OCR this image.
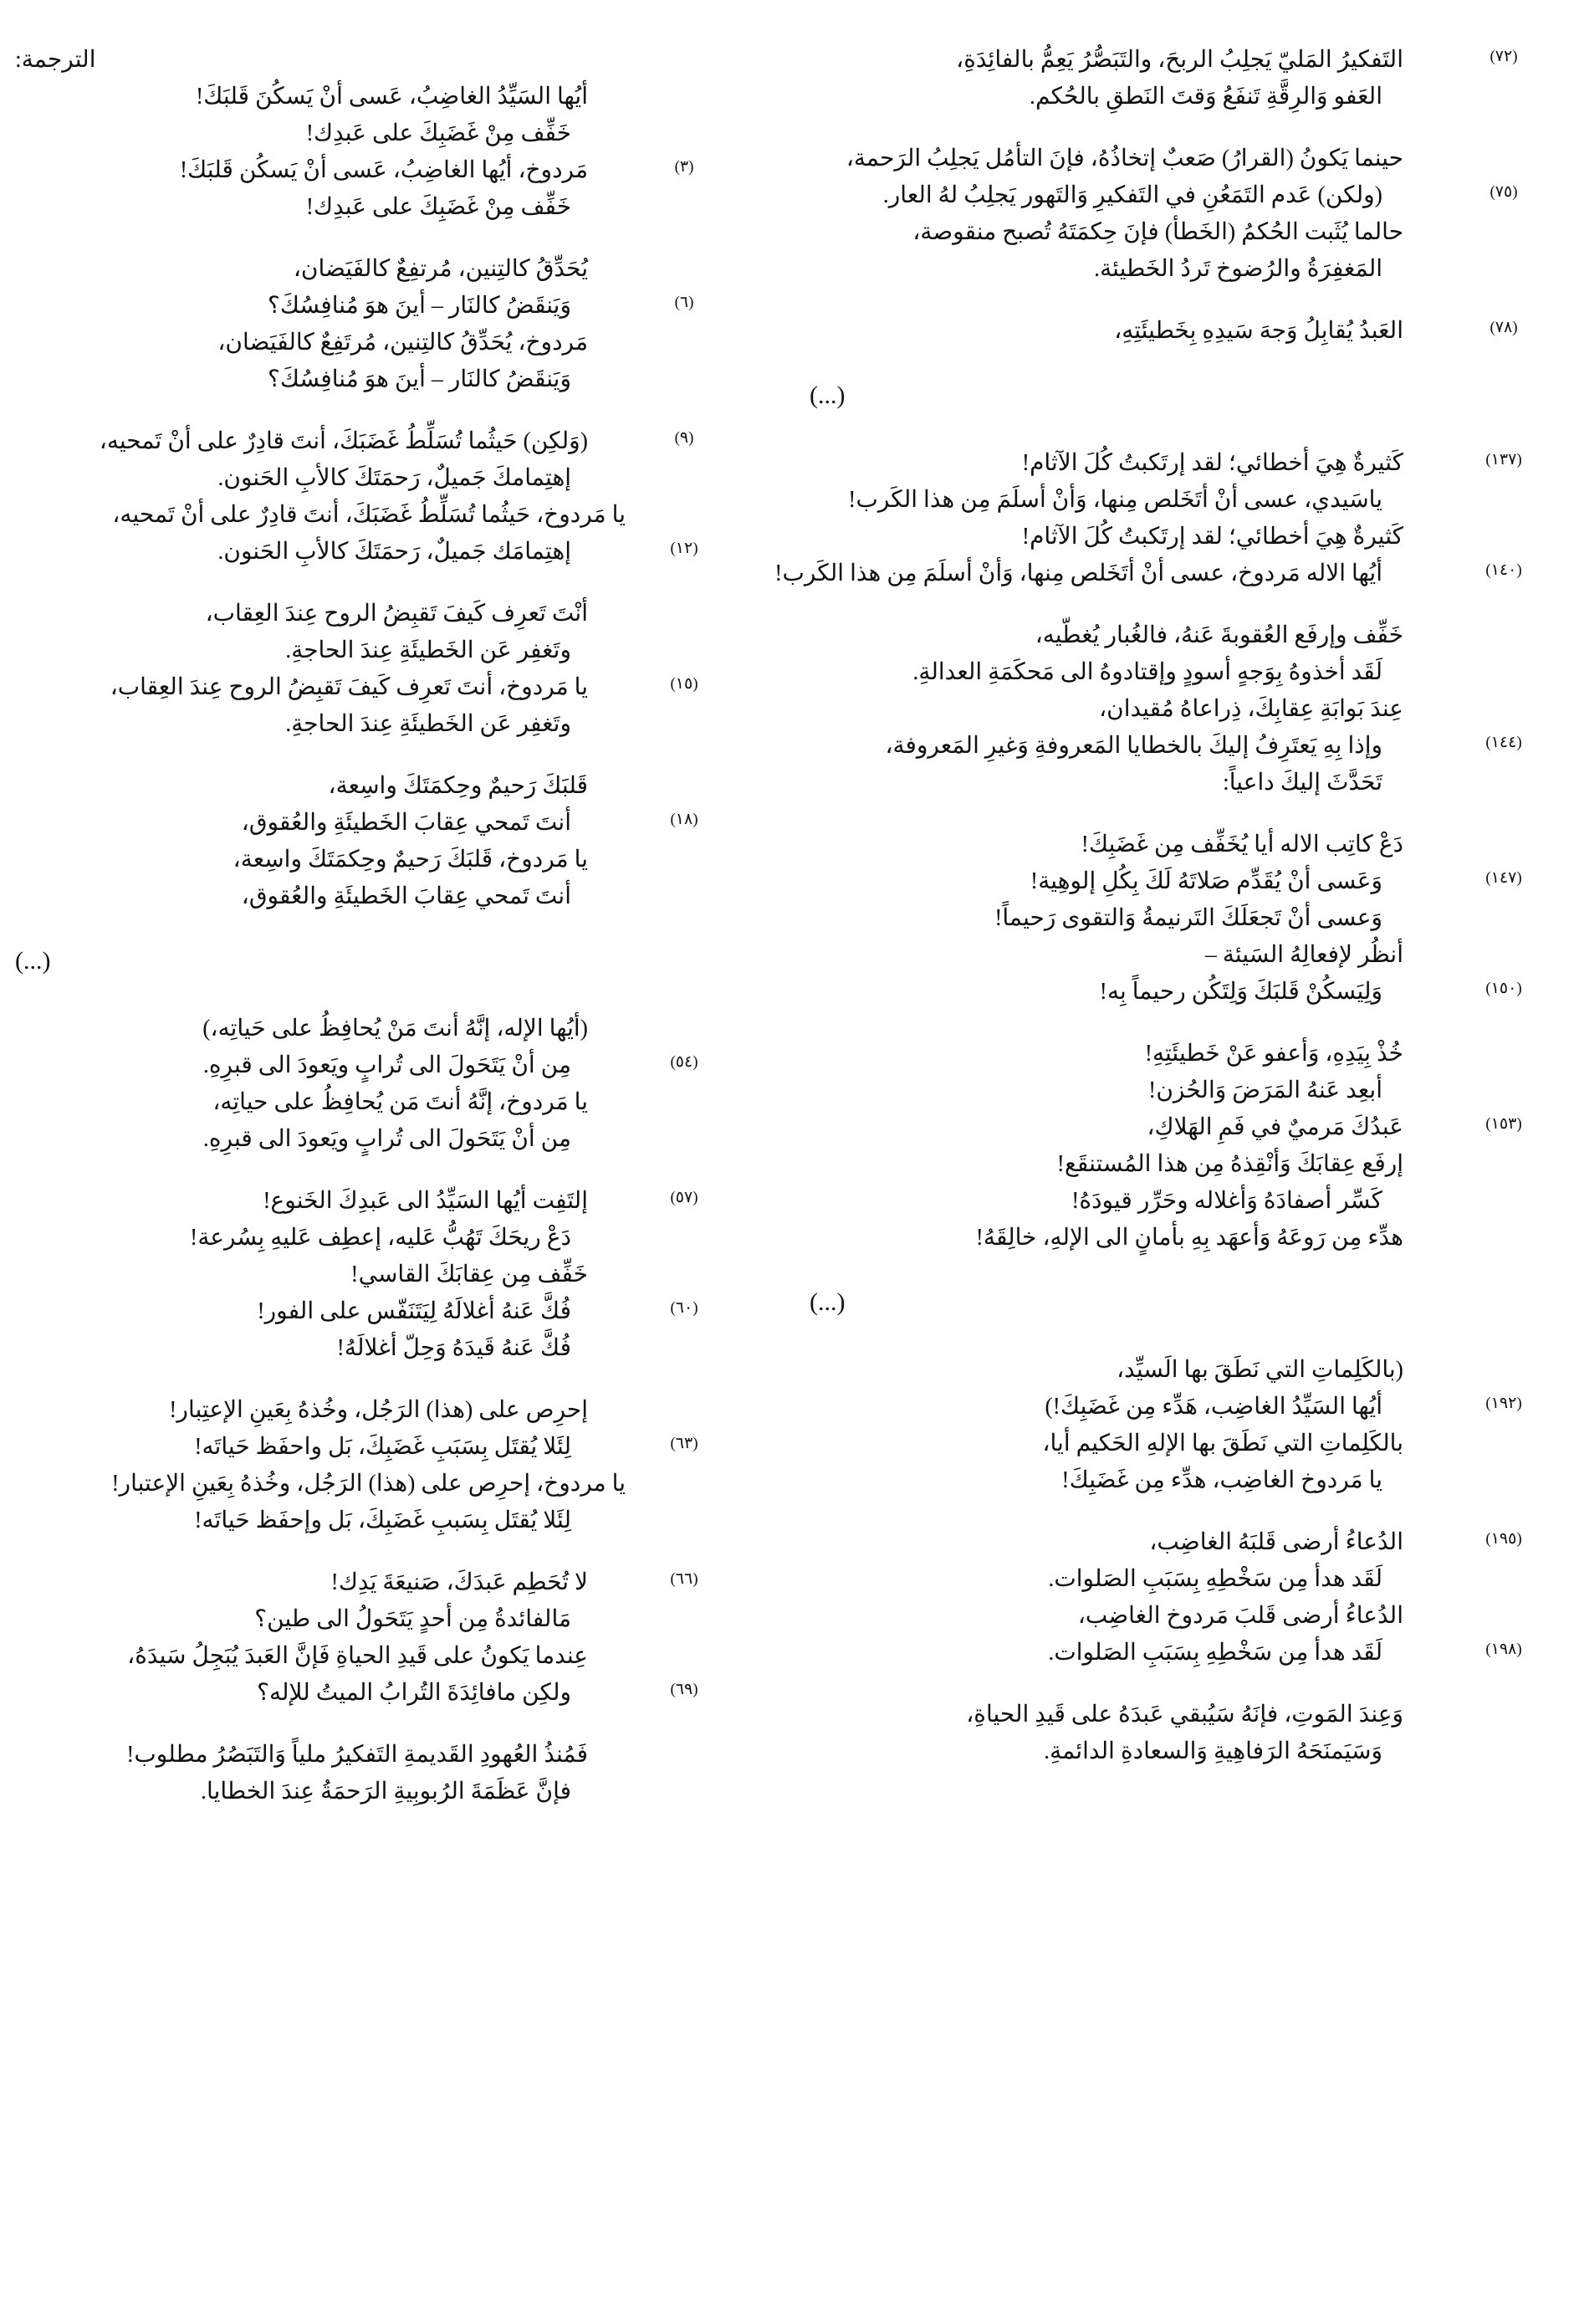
(٧٢)
التَفكيرُ المَليّ يَجلِبُ الربحَ، والتَبَصُّرُ يَعِمُّ بالفائِدَةِ،
العَفو وَالرِقَّةِ تَنفَعُ وَقتَ النَطقِ بالحُكم.
حينما يَكونُ (القرارُ) صَعبٌ إتخاذُهُ، فإنَ التأمُل يَجلِبُ الرَحمة،
(٧٥)
(ولكن) عَدم التَمَعُنِ في التَفكيرِ وَالتَهور يَجلِبُ لهُ العار.
حالما يُثَبت الحُكمُ (الخَطأ) فإنَ حِكمَتَهُ تُصبح منقوصة،
المَغفِرَةُ والرُضوخ تَردُ الخَطيئة.
(٧٨)
العَبدُ يُقابِلُ وَجهَ سَيدِهِ بِخَطيئَتِهِ،
(...)
(١٣٧)
كَثيرةٌ هِيَ أخطائي؛ لقد إرتَكبتُ كُلَ الآثام!
ياسَيدي، عسى أنْ أتَخَلص مِنها، وَأنْ أسلَمَ مِن هذا الكَرب!
كَثيرةٌ هِيَ أخطائي؛ لقد إرتَكبتُ كُلَ الآثام!
(١٤٠)
أيُها الاله مَردوخ، عسى أنْ أتَخَلص مِنها، وَأنْ أسلَمَ مِن هذا الكَرب!
خَفِّف وإرفَع العُقوبةَ عَنهُ، فالغُبار يُغطّيه،
لَقَد أخذوهُ بِوَجهٍ أسودٍ وإقتادوهُ الى مَحكَمَةِ العدالةِ.
عِندَ بَوابَةِ عِقابِكَ، ذِراعاهُ مُقيدان،
(١٤٤)
وإذا بِهِ يَعتَرِفُ إليكَ بالخطايا المَعروفةِ وَغيرِ المَعروفة،
تَحَدَّثَ إليكَ داعياً:
دَعْ كاتِب الاله أيا يُخَفِّف مِن غَضَبِكَ!
(١٤٧)
وَعَسى أنْ يُقَدِّم صَلاتَهُ لَكَ بِكُلِ إلوهِية!
وَعسى أنْ تَجعَلَكَ التَرنيمةُ وَالتقوى رَحيماً!
أنظُر لإفعالِهُ السَيئة –
(١٥٠)
وَلِيَسكُنْ قَلبَكَ وَلِتَكُن رحيماً بِه!
خُذْ بِيَدِهِ، وَأعفو عَنْ خَطيئَتِهِ!
أبعِد عَنهُ المَرَضَ وَالحُزن!
(١٥٣)
عَبدُكَ مَرميٌ في فَمِ الهَلاكِ،
إرفَع عِقابَكَ وَأنْقِذهُ مِن هذا المُستنقَع!
كَسِّر أصفادَهُ وَأغلاله وحَرِّر قيودَهُ!
هدِّء مِن رَوعَهُ وَأعهَد بِهِ بأمانٍ الى الإلهِ، خالِقَهُ!
(...)
(بالكَلِماتِ التي نَطَقَ بها الَسيِّد،
(١٩٢)
أيُها السَيِّدُ الغاضِب، هَدِّء مِن غَضَبِكَ!)
بالكَلِماتِ التي نَطَقَ بها الإلهِ الحَكيم أيا،
يا مَردوخ الغاضِب، هدِّء مِن غَضَبِكَ!
(١٩٥)
الدُعاءُ أرضى قَلبَهُ الغاضِب،
لَقَد هدأ مِن سَخْطِهِ بِسَبَبِ الصَلوات.
الدُعاءُ أرضى قَلبَ مَردوخ الغاضِب،
(١٩٨)
لَقَد هدأ مِن سَخْطِهِ بِسَبَبِ الصَلوات.
وَعِندَ المَوتِ، فإنَهُ سَيُبقي عَبدَهُ على قَيدِ الحياةِ،
وَسَيَمنَحَهُ الرَفاهِيةِ وَالسعادةِ الدائمةِ.
الترجمة:
أيُها السَيِّدُ الغاضِبُ، عَسى أنْ يَسكُنَ قَلبَكَ!
خَفِّف مِنْ غَضَبِكَ على عَبدِك!
(٣)
مَردوخ، أيُها الغاضِبُ، عَسى أنْ يَسكُن قَلبَكَ!
خَفِّف مِنْ غَضَبِكَ على عَبدِك!
يُحَدِّقُ كالتِنين، مُرتفِعٌ كالفَيَضان،
(٦)
وَيَنقَضُ كالنَار – أينَ هوَ مُنافِسُكَ؟
مَردوخ، يُحَدِّقُ كالتِنين، مُرتَفِعٌ كالفَيَضان،
وَيَنقَضُ كالنَار – أينَ هوَ مُنافِسُكَ؟
(٩)
(وَلكِن) حَيثُما تُسَلِّطُ غَضَبَكَ، أنتَ قادِرٌ على أنْ تَمحيه،
إهتِمامكَ جَميلٌ، رَحمَتَكَ كالأبِ الحَنون.
يا مَردوخ، حَيثُما تُسَلِّطُ غَضَبَكَ، أنتَ قادِرٌ على أنْ تَمحيه،
(١٢)
إهتِمامَك جَميلٌ، رَحمَتَكَ كالأبِ الحَنون.
أنْتَ تَعرِف كَيفَ تَقبِضُ الروح عِندَ العِقاب،
وتَغفِر عَن الخَطيئَةِ عِندَ الحاجةِ.
(١٥)
يا مَردوخ، أنتَ تَعرِف كَيفَ تَقبِضُ الروح عِندَ العِقاب،
وتَغفِر عَن الخَطيئَةِ عِندَ الحاجةِ.
قَلبَكَ رَحيمٌ وحِكمَتَكَ واسِعة،
(١٨)
أنتَ تَمحي عِقابَ الخَطيئَةِ والعُقوق،
يا مَردوخ، قَلبَكَ رَحيمٌ وحِكمَتَكَ واسِعة،
أنتَ تَمحي عِقابَ الخَطيئَةِ والعُقوق،
(...)
(أيُها الإله، إنَّهُ أنتَ مَنْ يُحافِظُ على حَياتِه،)
(٥٤)
مِن أنْ يَتَحَولَ الى تُرابٍ ويَعودَ الى قبرِهِ.
يا مَردوخ، إنَّهُ أنتَ مَن يُحافِظُ على حياتِه،
مِن أنْ يَتَحَولَ الى تُرابٍ ويَعودَ الى قبرِهِ.
(٥٧)
إلتَفِت أيُها السَيِّدُ الى عَبدِكَ الخَنوع!
دَعْ ريحَكَ تَهُبُّ عَليه، إعطِف عَليهِ بِسُرعة!
خَفِّف مِن عِقابَكَ القاسي!
(٦٠)
فُكَّ عَنهُ أغلالَهُ لِيَتَنَفّس على الفور!
فُكَّ عَنهُ قَيدَهُ وَحِلّ أغلالَهُ!
إحرِص على (هذا) الرَجُل، وخُذهُ بِعَينِ الإعتِبار!
(٦٣)
لِئَلا يُقتَل بِسَبَبِ غَضَبِكَ، بَل واحفَظ حَياتَه!
يا مردوخ، إحرِص على (هذا) الرَجُل، وخُذهُ بِعَينِ الإعتبار!
لِئَلا يُقتَل بِسَببِ غَضَبِكَ، بَل وإحفَظ حَياتَه!
(٦٦)
لا تُحَطِم عَبدَكَ، صَنيعَةَ يَدِك!
مَالفائدةُ مِن أحدٍ يَتَحَولُ الى طين؟
عِندما يَكونُ على قَيدِ الحياةِ فَإنَّ العَبدَ يُبَجِلُ سَيدَهُ،
(٦٩)
ولكِن مافائِدَةَ التُرابُ الميتُ للإله؟
فَمُنذُ العُهودِ القَديمةِ التَفكيرُ ملياً وَالتَبَصُرُ مطلوب!
فإنَّ عَظَمَةَ الرُبوبِيةِ الرَحمَةُ عِندَ الخطايا.
